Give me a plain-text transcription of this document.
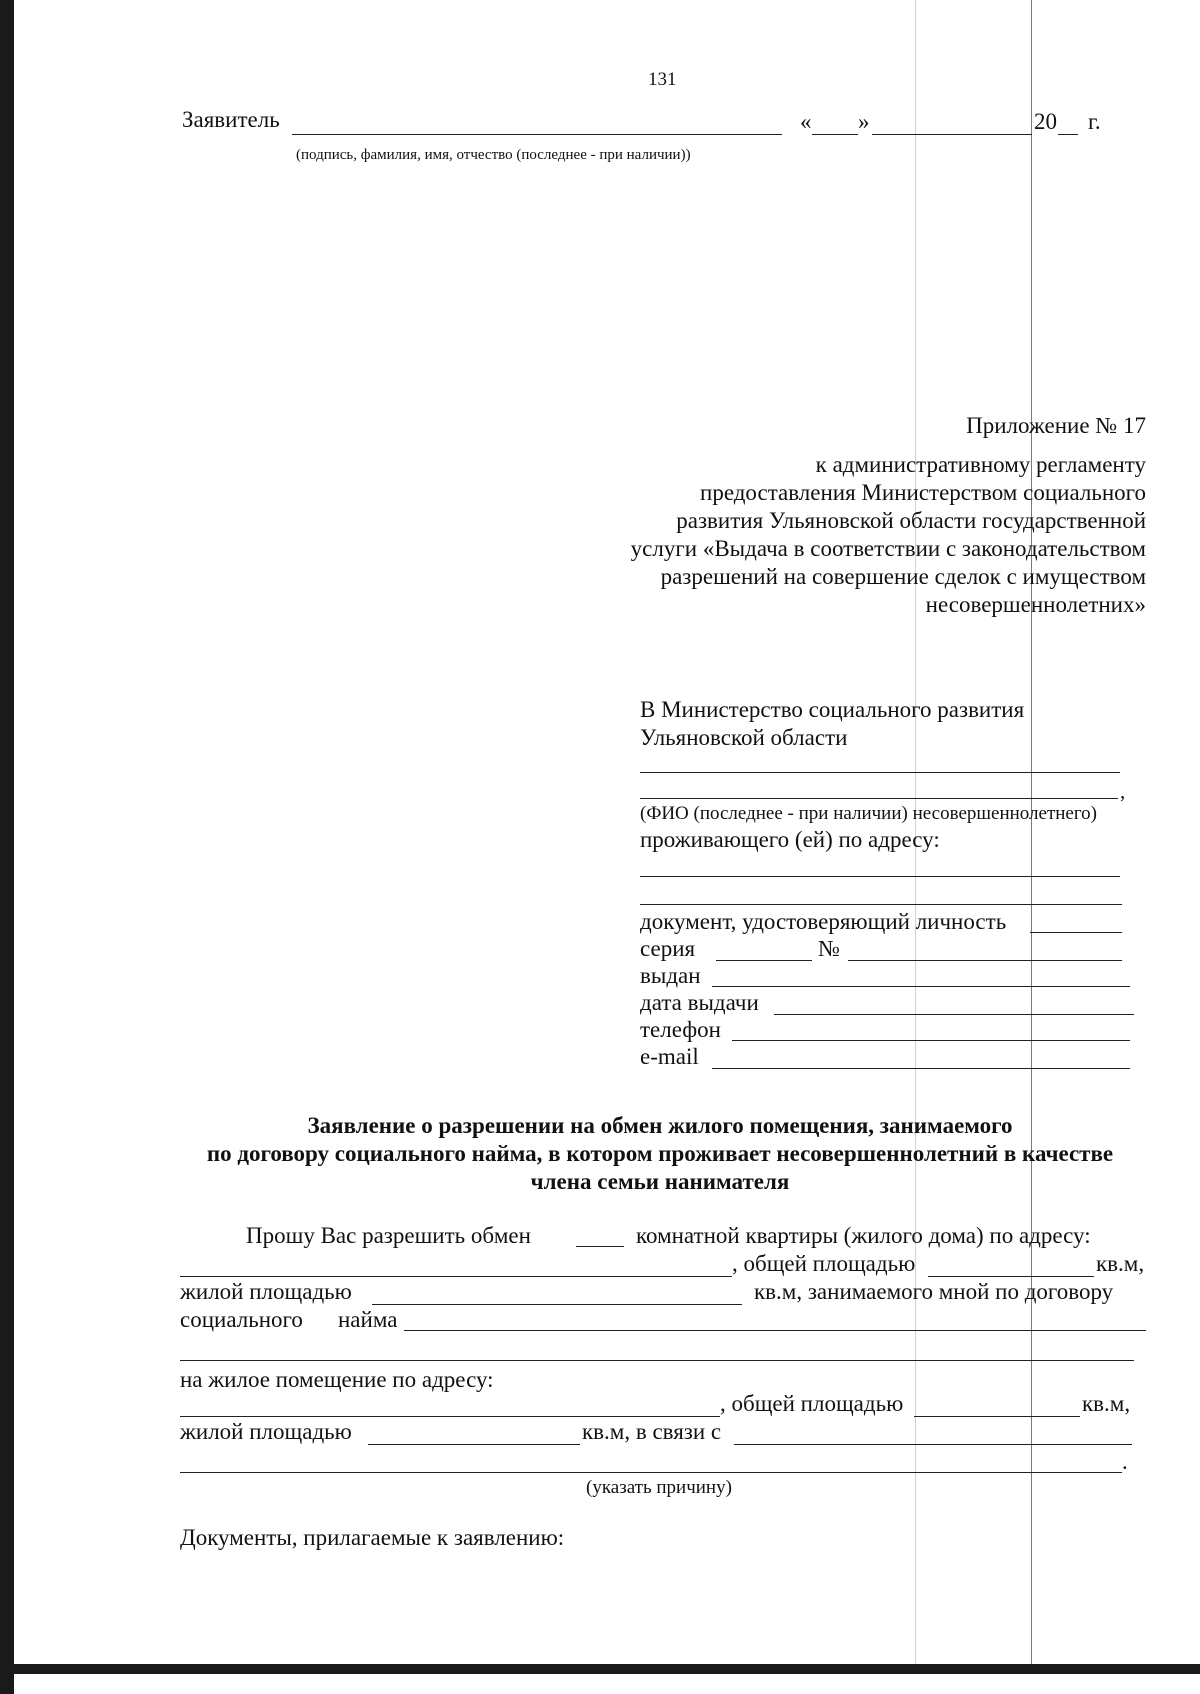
131
Заявитель	« »	20 г.
(подпись, фамилия, имя, отчество (последнее - при наличии))
Приложение № 17
к административному регламенту
предоставления Министерством социального
развития Ульяновской области государственной
услуги «Выдача в соответствии с законодательством
разрешений на совершение сделок с имуществом
несовершеннолетних»
В Министерство социального развития
Ульяновской области
,
(ФИО (последнее - при наличии) несовершеннолетнего)
проживающего (ей) по адресу:
документ, удостоверяющий личность
серия	№
выдан
дата выдачи
телефон
e-mail
Заявление о разрешении на обмен жилого помещения, занимаемого
по договору социального найма, в котором проживает несовершеннолетний в качестве
члена семьи нанимателя
Прошу Вас разрешить обмен	комнатной квартиры (жилого дома) по адресу:
, общей площадью	кв.м,
жилой площадью	кв.м, занимаемого мной по договору
социального найма
на жилое помещение по адресу:
, общей площадью	кв.м,
жилой площадью	кв.м, в связи с
.
(указать причину)
Документы, прилагаемые к заявлению:
